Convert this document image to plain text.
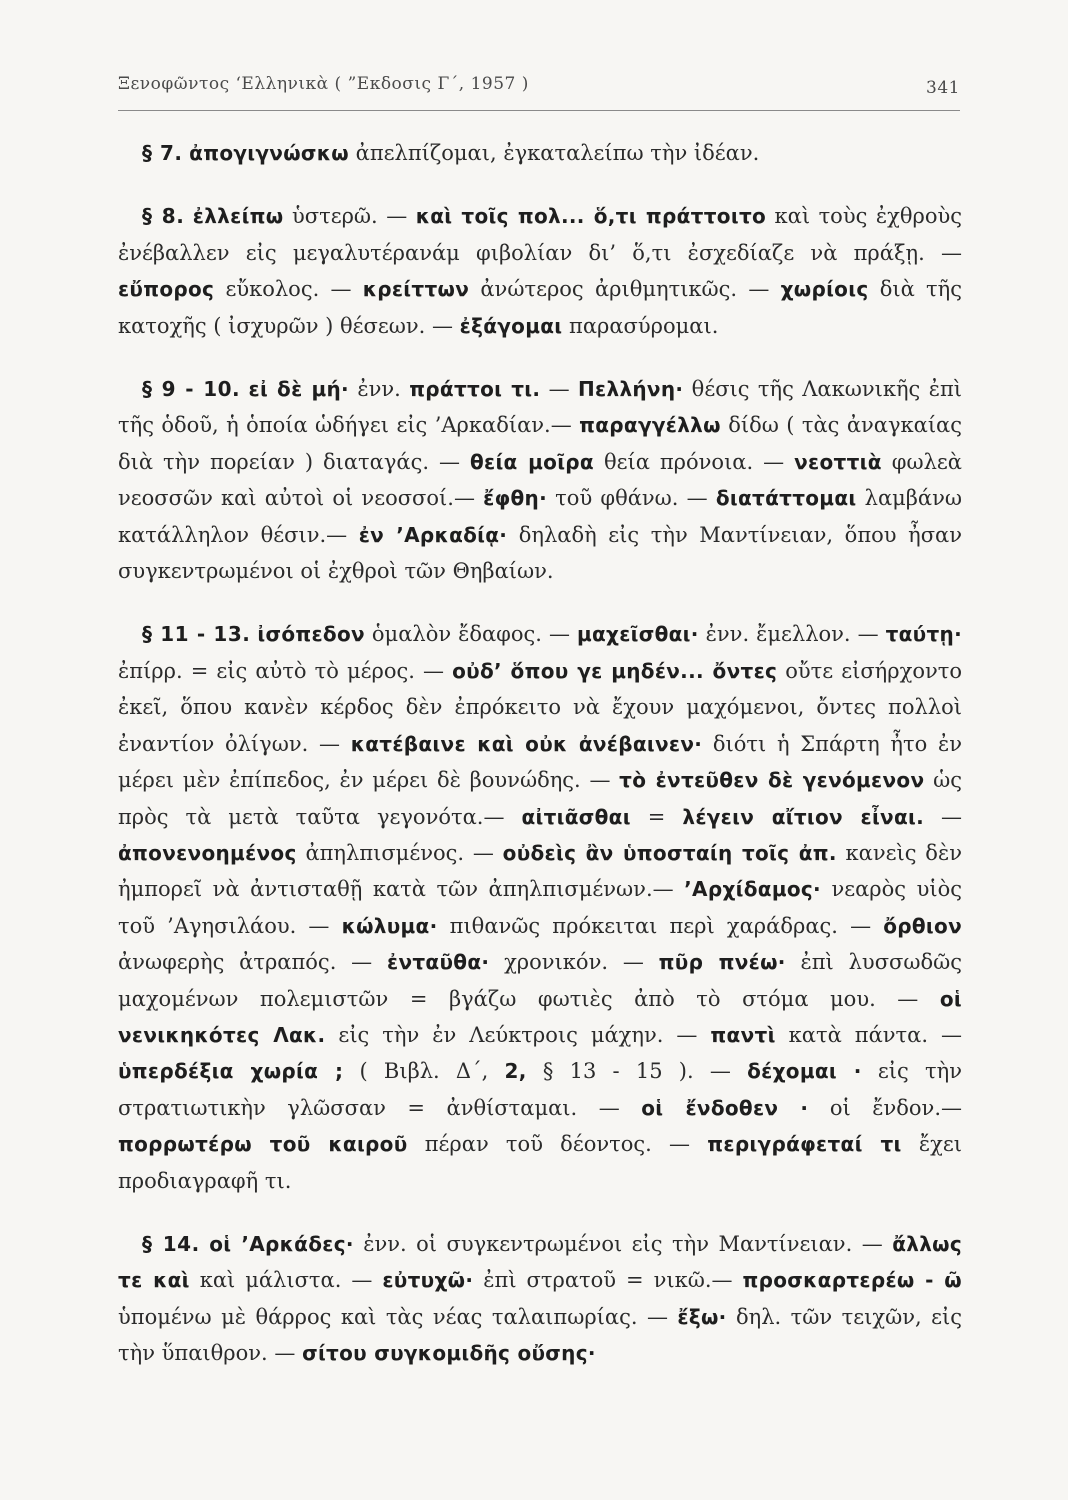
Ξενοφῶντος ‘Ελληνικὰ ( ”Εκδοσις Γ΄, 1957 )	341

§ 7. ἀπογιγνώσκω ἀπελπίζομαι, ἐγκαταλείπω τὴν ἰδέαν.

§ 8. ἐλλείπω ὑστερῶ. — καὶ τοῖς πολ... ὅ,τι πράττοιτο καὶ τοὺς ἐχθροὺς ἐνέβαλλεν εἰς μεγαλυτέρανάμ φιβολίαν δι’ ὅ,τι ἐσχεδίαζε νὰ πράξῃ. — εὔπορος εὔκολος. — κρείττων ἀνώτερος ἀριθμητικῶς. — χωρίοις διὰ τῆς κατοχῆς ( ἰσχυρῶν ) θέσεων. — ἐξάγομαι παρασύρομαι.

§ 9 - 10. εἰ δὲ μή· ἐνν. πράττοι τι. — Πελλήνη· θέσις τῆς Λακωνικῆς ἐπὶ τῆς ὁδοῦ, ἡ ὁποία ὡδήγει εἰς ’Αρκαδίαν.— παραγγέλλω δίδω ( τὰς ἀναγκαίας διὰ τὴν πορείαν ) διαταγάς. — θεία μοῖρα θεία πρόνοια. — νεοττιὰ φωλεὰ νεοσσῶν καὶ αὐτοὶ οἱ νεοσσοί.— ἔφθη· τοῦ φθάνω. — διατάττομαι λαμβάνω κατάλληλον θέσιν.— ἐν ’Αρκαδίᾳ· δηλαδὴ εἰς τὴν Μαντίνειαν, ὅπου ἦσαν συγκεντρωμένοι οἱ ἐχθροὶ τῶν Θηβαίων.

§ 11 - 13. ἰσόπεδον ὁμαλὸν ἔδαφος. — μαχεῖσθαι· ἐνν. ἔμελλον. — ταύτῃ· ἐπίρρ. = εἰς αὐτὸ τὸ μέρος. — οὐδ’ ὅπου γε μηδέν... ὄντες οὔτε εἰσήρχοντο ἐκεῖ, ὅπου κανὲν κέρδος δὲν ἐπρόκειτο νὰ ἔχουν μαχόμενοι, ὄντες πολλοὶ ἐναντίον ὀλίγων. — κατέβαινε καὶ οὐκ ἀνέβαινεν· διότι ἡ Σπάρτη ἦτο ἐν μέρει μὲν ἐπίπεδος, ἐν μέρει δὲ βουνώδης. — τὸ ἐντεῦθεν δὲ γενόμενον ὡς πρὸς τὰ μετὰ ταῦτα γεγονότα.— αἰτιᾶσθαι = λέγειν αἴτιον εἶναι. — ἀπονενοημένος ἀπηλπισμένος. — οὐδεὶς ἂν ὑποσταίη τοῖς ἀπ. κανεὶς δὲν ἠμπορεῖ νὰ ἀντισταθῇ κατὰ τῶν ἀπηλπισμένων.— ’Αρχίδαμος· νεαρὸς υἱὸς τοῦ ’Αγησιλάου. — κώλυμα· πιθανῶς πρόκειται περὶ χαράδρας. — ὄρθιον ἀνωφερὴς ἀτραπός. — ἐνταῦθα· χρονικόν. — πῦρ πνέω· ἐπὶ λυσσωδῶς μαχομένων πολεμιστῶν = βγάζω φωτιὲς ἀπὸ τὸ στόμα μου. — οἱ νενικηκότες Λακ. εἰς τὴν ἐν Λεύκτροις μάχην. — παντὶ κατὰ πάντα. — ὑπερδέξια χωρία ; ( Βιβλ. Δ΄, 2, § 13 - 15 ). — δέχομαι · εἰς τὴν στρατιωτικὴν γλῶσσαν = ἀνθίσταμαι. — οἱ ἔνδοθεν · οἱ ἔνδον.— πορρωτέρω τοῦ καιροῦ πέραν τοῦ δέοντος. — περιγράφεταί τι ἔχει προδιαγραφῆ τι.

§ 14. οἱ ’Αρκάδες· ἐνν. οἱ συγκεντρωμένοι εἰς τὴν Μαντίνειαν. — ἄλλως τε καὶ καὶ μάλιστα. — εὐτυχῶ· ἐπὶ στρατοῦ = νικῶ.— προσκαρτερέω - ῶ ὑπομένω μὲ θάρρος καὶ τὰς νέας ταλαιπωρίας. — ἔξω· δηλ. τῶν τειχῶν, εἰς τὴν ὕπαιθρον. — σίτου συγκομιδῆς οὔσης·
